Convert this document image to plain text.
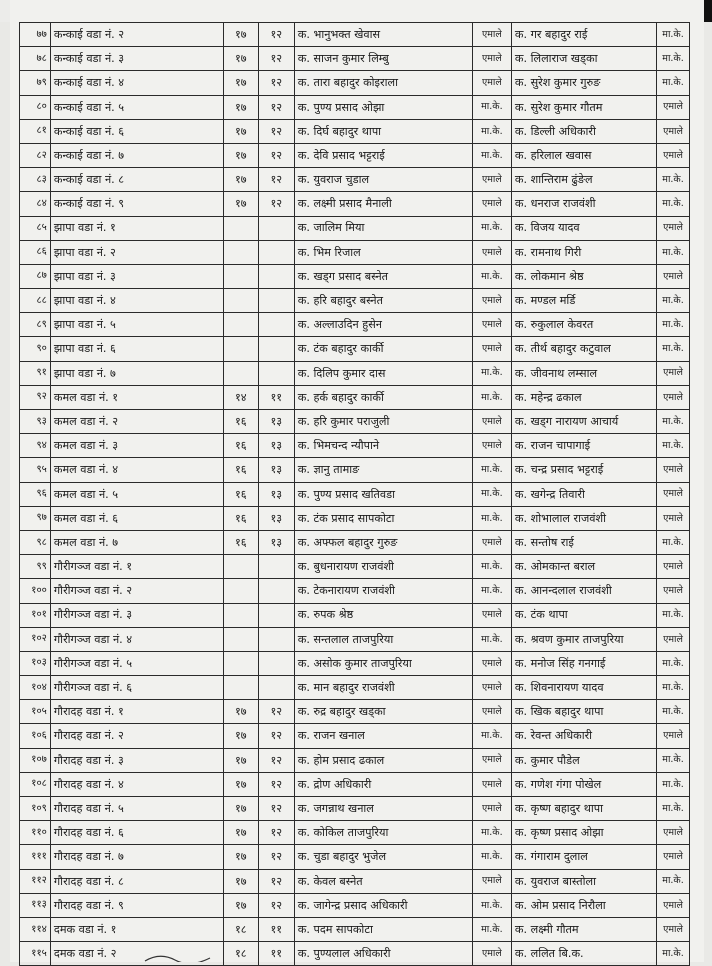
७७	कन्काई वडा नं. २	१७	१२	क. भानुभक्त खेवास	एमाले	क. गर बहादुर राई	मा.के.
७८	कन्काई वडा नं. ३	१७	१२	क. साजन कुमार लिम्बु	एमाले	क. लिलाराज खड्का	मा.के.
७९	कन्काई वडा नं. ४	१७	१२	क. तारा बहादुर कोइराला	एमाले	क. सुरेश कुमार गुरुङ	मा.के.
८०	कन्काई वडा नं. ५	१७	१२	क. पुण्य प्रसाद ओझा	मा.के.	क. सुरेश कुमार गौतम	एमाले
८१	कन्काई वडा नं. ६	१७	१२	क. दिर्घ बहादुर थापा	मा.के.	क. डिल्ली अधिकारी	एमाले
८२	कन्काई वडा नं. ७	१७	१२	क. देवि प्रसाद भट्टराई	मा.के.	क. हरिलाल खवास	एमाले
८३	कन्काई वडा नं. ८	१७	१२	क. युवराज चुडाल	एमाले	क. शान्तिराम ढुंङेल	मा.के.
८४	कन्काई वडा नं. ९	१७	१२	क. लक्ष्मी प्रसाद मैनाली	एमाले	क. धनराज राजवंशी	मा.के.
८५	झापा वडा नं. १			क. जालिम मिया	मा.के.	क. विजय यादव	एमाले
८६	झापा वडा नं. २			क. भिम रिजाल	एमाले	क. रामनाथ गिरी	मा.के.
८७	झापा वडा नं. ३			क. खड्ग प्रसाद बस्नेत	मा.के.	क. लोकमान श्रेष्ठ	एमाले
८८	झापा वडा नं. ४			क. हरि बहादुर बस्नेत	एमाले	क. मण्डल मर्डि	मा.के.
८९	झापा वडा नं. ५			क. अल्लाउदिन हुसेन	एमाले	क. रुकुलाल केवरत	मा.के.
९०	झापा वडा नं. ६			क. टंक बहादुर कार्की	एमाले	क. तीर्थ बहादुर कटुवाल	मा.के.
९१	झापा वडा नं. ७			क. दिलिप कुमार दास	मा.के.	क. जीवनाथ लम्साल	एमाले
९२	कमल वडा नं. १	१४	११	क. हर्क बहादुर कार्की	मा.के.	क. महेन्द्र ढकाल	एमाले
९३	कमल वडा नं. २	१६	१३	क. हरि कुमार पराजुली	एमाले	क. खड्ग नारायण आचार्य	मा.के.
९४	कमल वडा नं. ३	१६	१३	क. भिमचन्द न्यौपाने	एमाले	क. राजन चापागाई	मा.के.
९५	कमल वडा नं. ४	१६	१३	क. ज्ञानु तामाङ	मा.के.	क. चन्द्र प्रसाद भट्टराई	एमाले
९६	कमल वडा नं. ५	१६	१३	क. पुण्य प्रसाद खतिवडा	मा.के.	क. खगेन्द्र तिवारी	एमाले
९७	कमल वडा नं. ६	१६	१३	क. टंक प्रसाद सापकोटा	मा.के.	क. शोभालाल राजवंशी	एमाले
९८	कमल वडा नं. ७	१६	१३	क. अफ्फल बहादुर गुरुङ	एमाले	क. सन्तोष राई	मा.के.
९९	गौरीगञ्ज वडा नं. १			क. बुधनारायण राजवंशी	मा.के.	क. ओमकान्त बराल	एमाले
१००	गौरीगञ्ज वडा नं. २			क. टेकनारायण राजवंशी	मा.के.	क. आनन्दलाल राजवंशी	एमाले
१०१	गौरीगञ्ज वडा नं. ३			क. रुपक श्रेष्ठ	एमाले	क. टंक थापा	मा.के.
१०२	गौरीगञ्ज वडा नं. ४			क. सन्तलाल ताजपुरिया	मा.के.	क. श्रवण कुमार ताजपुरिया	एमाले
१०३	गौरीगञ्ज वडा नं. ५			क. असोक कुमार ताजपुरिया	एमाले	क. मनोज सिंह गनगाई	मा.के.
१०४	गौरीगञ्ज वडा नं. ६			क. मान बहादुर राजवंशी	एमाले	क. शिवनारायण यादव	मा.के.
१०५	गौरादह वडा नं. १	१७	१२	क. रुद्र बहादुर खड्का	एमाले	क. खिक बहादुर थापा	मा.के.
१०६	गौरादह वडा नं. २	१७	१२	क. राजन खनाल	मा.के.	क. रेवन्त अधिकारी	एमाले
१०७	गौरादह वडा नं. ३	१७	१२	क. होम प्रसाद ढकाल	एमाले	क. कुमार पौडेल	मा.के.
१०८	गौरादह वडा नं. ४	१७	१२	क. द्रोण अधिकारी	एमाले	क. गणेश गंगा पोखेल	मा.के.
१०९	गौरादह वडा नं. ५	१७	१२	क. जगन्नाथ खनाल	एमाले	क. कृष्ण बहादुर थापा	मा.के.
११०	गौरादह वडा नं. ६	१७	१२	क. कोकिल ताजपुरिया	मा.के.	क. कृष्ण प्रसाद ओझा	एमाले
१११	गौरादह वडा नं. ७	१७	१२	क. चुडा बहादुर भुजेल	मा.के.	क. गंगाराम दुलाल	एमाले
११२	गौरादह वडा नं. ८	१७	१२	क. केवल बस्नेत	एमाले	क. युवराज बास्तोला	मा.के.
११३	गौरादह वडा नं. ९	१७	१२	क. जागेन्द्र प्रसाद अधिकारी	मा.के.	क. ओम प्रसाद निरौला	एमाले
११४	दमक वडा नं. १	१८	११	क. पदम सापकोटा	मा.के.	क. लक्ष्मी गौतम	एमाले
११५	दमक वडा नं. २	१८	११	क. पुण्यलाल अधिकारी	एमाले	क. ललित बि.क.	मा.के.
